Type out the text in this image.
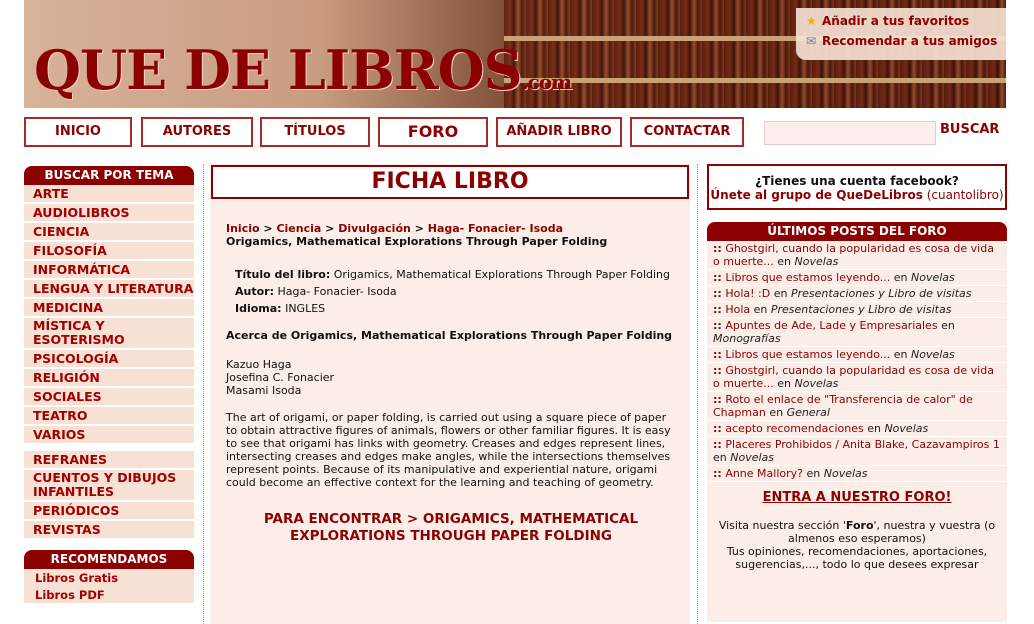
QUE DE LIBROS.com
★ Añadir a tus favoritos
✉ Recomendar a tus amigos
INICIO	AUTORES	TÍTULOS	FORO	AÑADIR LIBRO	CONTACTAR	BUSCAR
BUSCAR POR TEMA
ARTE
AUDIOLIBROS
CIENCIA
FILOSOFÍA
INFORMÁTICA
LENGUA Y LITERATURA
MEDICINA
MÍSTICA Y ESOTERISMO
PSICOLOGÍA
RELIGIÓN
SOCIALES
TEATRO
VARIOS
REFRANES
CUENTOS Y DIBUJOS INFANTILES
PERIÓDICOS
REVISTAS
RECOMENDAMOS
Libros Gratis
Libros PDF
FICHA LIBRO
Inicio > Ciencia > Divulgación > Haga- Fonacier- Isoda
Origamics, Mathematical Explorations Through Paper Folding
Título del libro: Origamics, Mathematical Explorations Through Paper Folding
Autor: Haga- Fonacier- Isoda
Idioma: INGLES
Acerca de Origamics, Mathematical Explorations Through Paper Folding
Kazuo Haga
Josefina C. Fonacier
Masami Isoda
The art of origami, or paper folding, is carried out using a square piece of paper to obtain attractive figures of animals, flowers or other familiar figures. It is easy to see that origami has links with geometry. Creases and edges represent lines, intersecting creases and edges make angles, while the intersections themselves represent points. Because of its manipulative and experiential nature, origami could become an effective context for the learning and teaching of geometry.
PARA ENCONTRAR > ORIGAMICS, MATHEMATICAL EXPLORATIONS THROUGH PAPER FOLDING
¿Tienes una cuenta facebook?
Únete al grupo de QueDeLibros (cuantolibro)
ÚLTIMOS POSTS DEL FORO
:: Ghostgirl, cuando la popularidad es cosa de vida o muerte... en Novelas
:: Libros que estamos leyendo... en Novelas
:: Hola! :D en Presentaciones y Libro de visitas
:: Hola en Presentaciones y Libro de visitas
:: Apuntes de Ade, Lade y Empresariales en Monografías
:: Libros que estamos leyendo... en Novelas
:: Ghostgirl, cuando la popularidad es cosa de vida o muerte... en Novelas
:: Roto el enlace de "Transferencia de calor" de Chapman en General
:: acepto recomendaciones en Novelas
:: Placeres Prohibidos / Anita Blake, Cazavampiros 1 en Novelas
:: Anne Mallory? en Novelas
ENTRA A NUESTRO FORO!
Visita nuestra sección 'Foro', nuestra y vuestra (o almenos eso esperamos)
Tus opiniones, recomendaciones, aportaciones, sugerencias,..., todo lo que desees expresar
